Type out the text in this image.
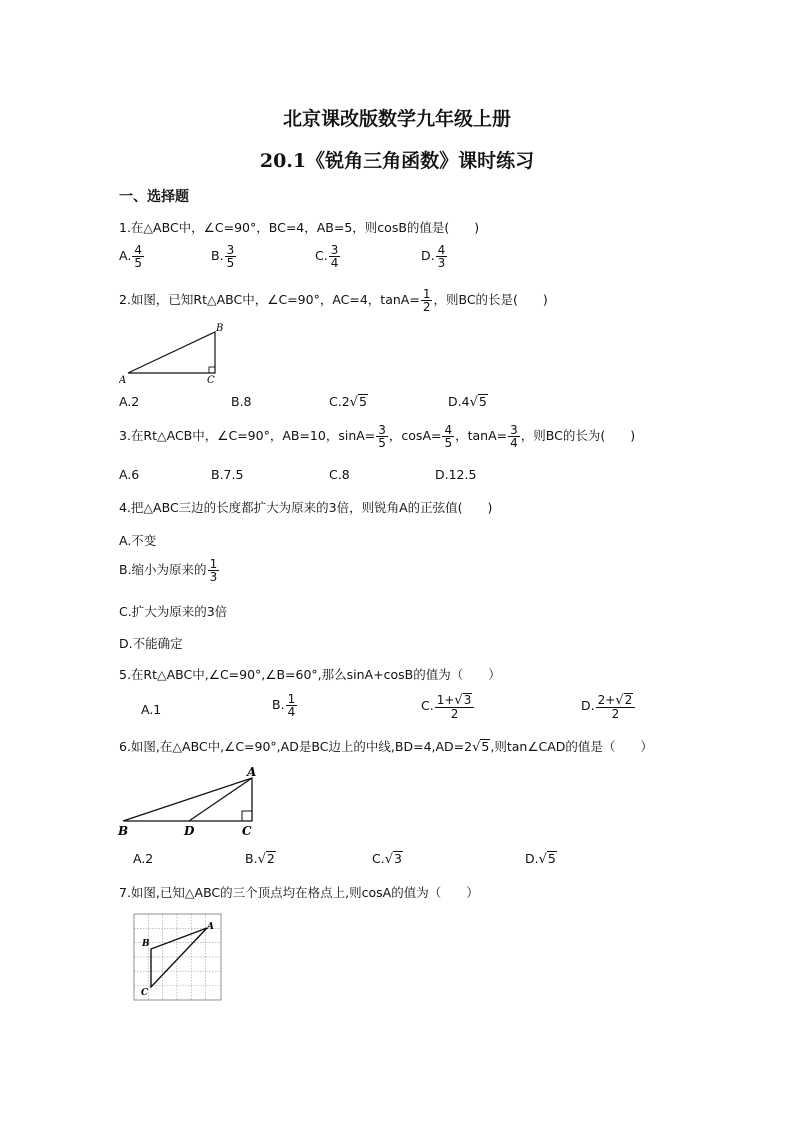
北京课改版数学九年级上册
20.1《锐角三角函数》课时练习
一、选择题
1.在△ABC中，∠C=90°，BC=4，AB=5，则cosB的值是(　　)
A. $\frac{4}{5}$	B. $\frac{3}{5}$	C. $\frac{3}{4}$	D. $\frac{4}{3}$
2.如图，已知Rt△ABC中，∠C=90°，AC=4，$\tan A= \frac{1}{2}$ ，则BC的长是(　　)
A
B
C
A.2	B.8	C.2√5	D.4√5
3.在Rt△ACB中，∠C=90°，AB=10，$\sin A= \frac{3}{5}$ ，$\cos A= \frac{4}{5}$ ，$\tan A= \frac{3}{4}$ ，则BC的长为(　　)
A.6	B.7.5	C.8	D.12.5
4.把△ABC三边的长度都扩大为原来的3倍，则锐角A的正弦值(　　)
A.不变
B.缩小为原来的 $\frac{1}{3}$
C.扩大为原来的3倍
D.不能确定
5.在Rt△ABC中,∠C=90°,∠B=60°,那么sinA+cosB的值为（　　）
A.1	B. $\frac{1}{4}$	C. $\frac{1+√3}{2}$	D. $\frac{2+√2}{2}$
6.如图,在△ABC中,∠C=90°,AD是BC边上的中线,BD=4,AD=2√5,则tan∠CAD的值是（　　）
B	D	C
A
A.2	B.√2	C.√3	D.√5
7.如图,已知△ABC的三个顶点均在格点上,则cosA的值为（　　）
B
A
C
